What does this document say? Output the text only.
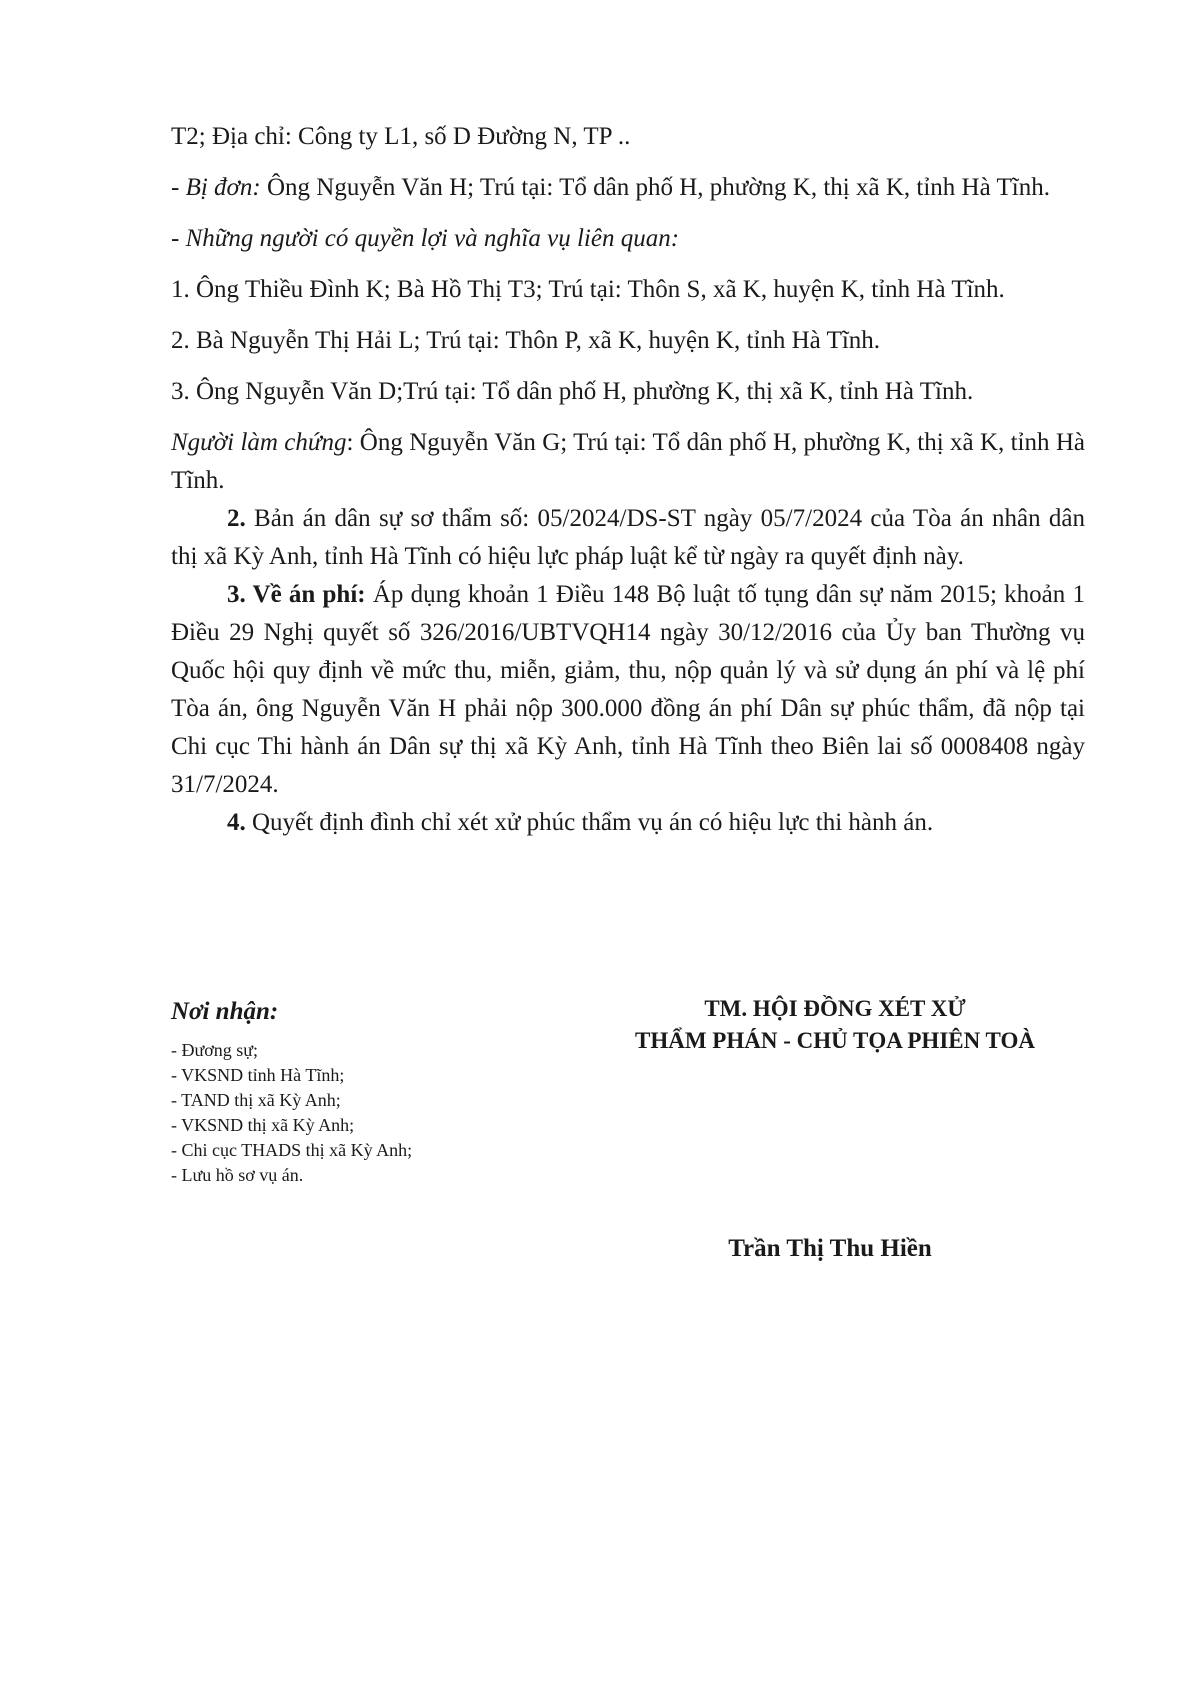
T2; Địa chỉ: Công ty L1, số D Đường N, TP ..

- Bị đơn: Ông Nguyễn Văn H; Trú tại: Tổ dân phố H, phường K, thị xã K, tỉnh Hà Tĩnh.

- Những người có quyền lợi và nghĩa vụ liên quan:

1. Ông Thiều Đình K; Bà Hồ Thị T3; Trú tại: Thôn S, xã K, huyện K, tỉnh Hà Tĩnh.

2. Bà Nguyễn Thị Hải L; Trú tại: Thôn P, xã K, huyện K, tỉnh Hà Tĩnh.

3. Ông Nguyễn Văn D;Trú tại: Tổ dân phố H, phường K, thị xã K, tỉnh Hà Tĩnh.

Người làm chứng: Ông Nguyễn Văn G; Trú tại: Tổ dân phố H, phường K, thị xã K, tỉnh Hà Tĩnh.

2. Bản án dân sự sơ thẩm số: 05/2024/DS-ST ngày 05/7/2024 của Tòa án nhân dân thị xã Kỳ Anh, tỉnh Hà Tĩnh có hiệu lực pháp luật kể từ ngày ra quyết định này.

3. Về án phí: Áp dụng khoản 1 Điều 148 Bộ luật tố tụng dân sự năm 2015; khoản 1 Điều 29 Nghị quyết số 326/2016/UBTVQH14 ngày 30/12/2016 của Ủy ban Thường vụ Quốc hội quy định về mức thu, miễn, giảm, thu, nộp quản lý và sử dụng án phí và lệ phí Tòa án, ông Nguyễn Văn H phải nộp 300.000 đồng án phí Dân sự phúc thẩm, đã nộp tại Chi cục Thi hành án Dân sự thị xã Kỳ Anh, tỉnh Hà Tĩnh theo Biên lai số 0008408 ngày 31/7/2024.

4. Quyết định đình chỉ xét xử phúc thẩm vụ án có hiệu lực thi hành án.

Nơi nhận:

- Đương sự;
- VKSND tỉnh Hà Tĩnh;
- TAND thị xã Kỳ Anh;
- VKSND thị xã Kỳ Anh;
- Chi cục THADS thị xã Kỳ Anh;
- Lưu hồ sơ vụ án.
TM. HỘI ĐỒNG XÉT XỬ
THẨM PHÁN - CHỦ TỌA PHIÊN TOÀ
Trần Thị Thu Hiền
